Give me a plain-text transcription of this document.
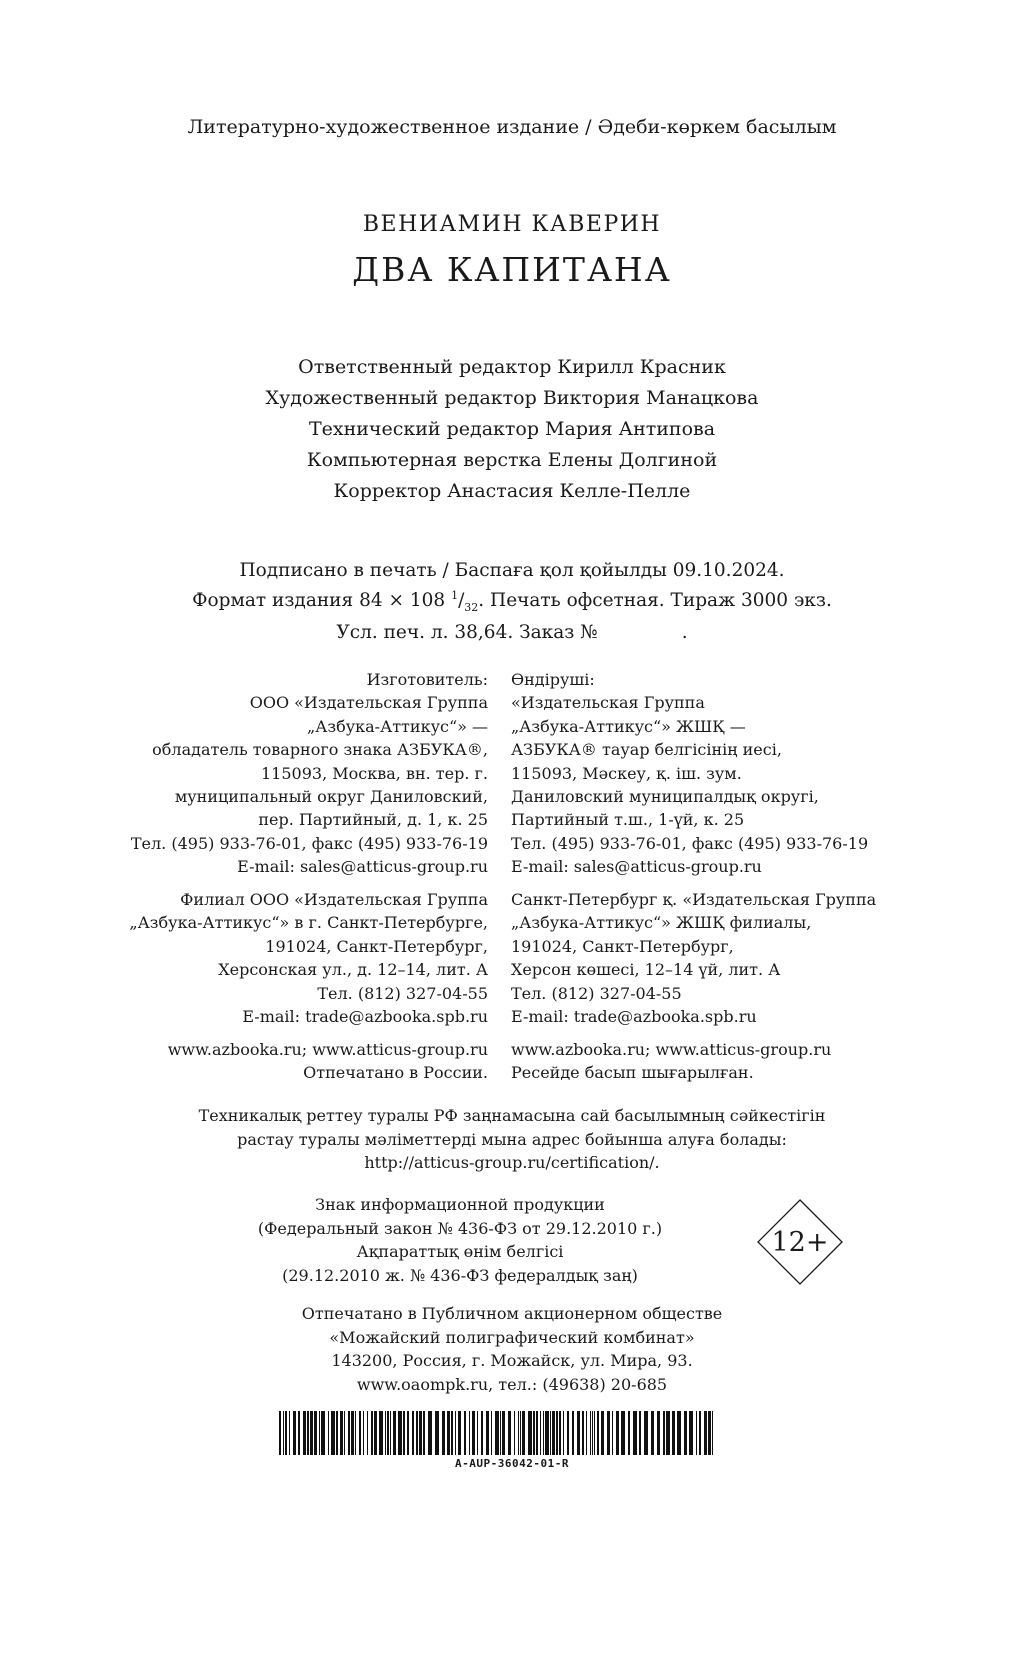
Литературно-художественное издание / Әдеби-көркем басылым
ВЕНИАМИН КАВЕРИН
ДВА КАПИТАНА
Ответственный редактор Кирилл Красник
Художественный редактор Виктория Манацкова
Технический редактор Мария Антипова
Компьютерная верстка Елены Долгиной
Корректор Анастасия Келле-Пелле
Подписано в печать / Баспаға қол қойылды 09.10.2024.
Формат издания 84 × 108 $^1/_{32}$. Печать офсетная. Тираж 3000 экз.
Усл. печ. л. 38,64. Заказ №	.
Изготовитель:
ООО «Издательская Группа
„Азбука-Аттикус“» —
обладатель товарного знака АЗБУКА®,
115093, Москва, вн. тер. г.
муниципальный округ Даниловский,
пер. Партийный, д. 1, к. 25
Тел. (495) 933-76-01, факс (495) 933-76-19
E-mail: sales@atticus-group.ru
Филиал ООО «Издательская Группа
„Азбука-Аттикус“» в г. Санкт-Петербурге,
191024, Санкт-Петербург,
Херсонская ул., д. 12–14, лит. А
Тел. (812) 327-04-55
E-mail: trade@azbooka.spb.ru
www.azbooka.ru; www.atticus-group.ru
Отпечатано в России.
Өндіруші:
«Издательская Группа
„Азбука-Аттикус“» ЖШҚ —
АЗБУКА® тауар белгісінің иесі,
115093, Мәскеу, қ. іш. зум.
Даниловский муниципалдық округі,
Партийный т.ш., 1-үй, к. 25
Тел. (495) 933-76-01, факс (495) 933-76-19
E-mail: sales@atticus-group.ru
Санкт-Петербург қ. «Издательская Группа
„Азбука-Аттикус“» ЖШҚ филиалы,
191024, Санкт-Петербург,
Херсон көшесі, 12–14 үй, лит. А
Тел. (812) 327-04-55
E-mail: trade@azbooka.spb.ru
www.azbooka.ru; www.atticus-group.ru
Ресейде басып шығарылған.
Техникалық реттеу туралы РФ заңнамасына сай басылымның сәйкестігін
растау туралы мәліметтерді мына адрес бойынша алуға болады:
http://atticus-group.ru/certification/.
Знак информационной продукции
(Федеральный закон № 436-ФЗ от 29.12.2010 г.)
Ақпараттық өнім белгісі
(29.12.2010 ж. № 436-ФЗ федералдық заң)
12+
Отпечатано в Публичном акционерном обществе
«Можайский полиграфический комбинат»
143200, Россия, г. Можайск, ул. Мира, 93.
www.oaompk.ru, тел.: (49638) 20-685
A-AUP-36042-01-R
